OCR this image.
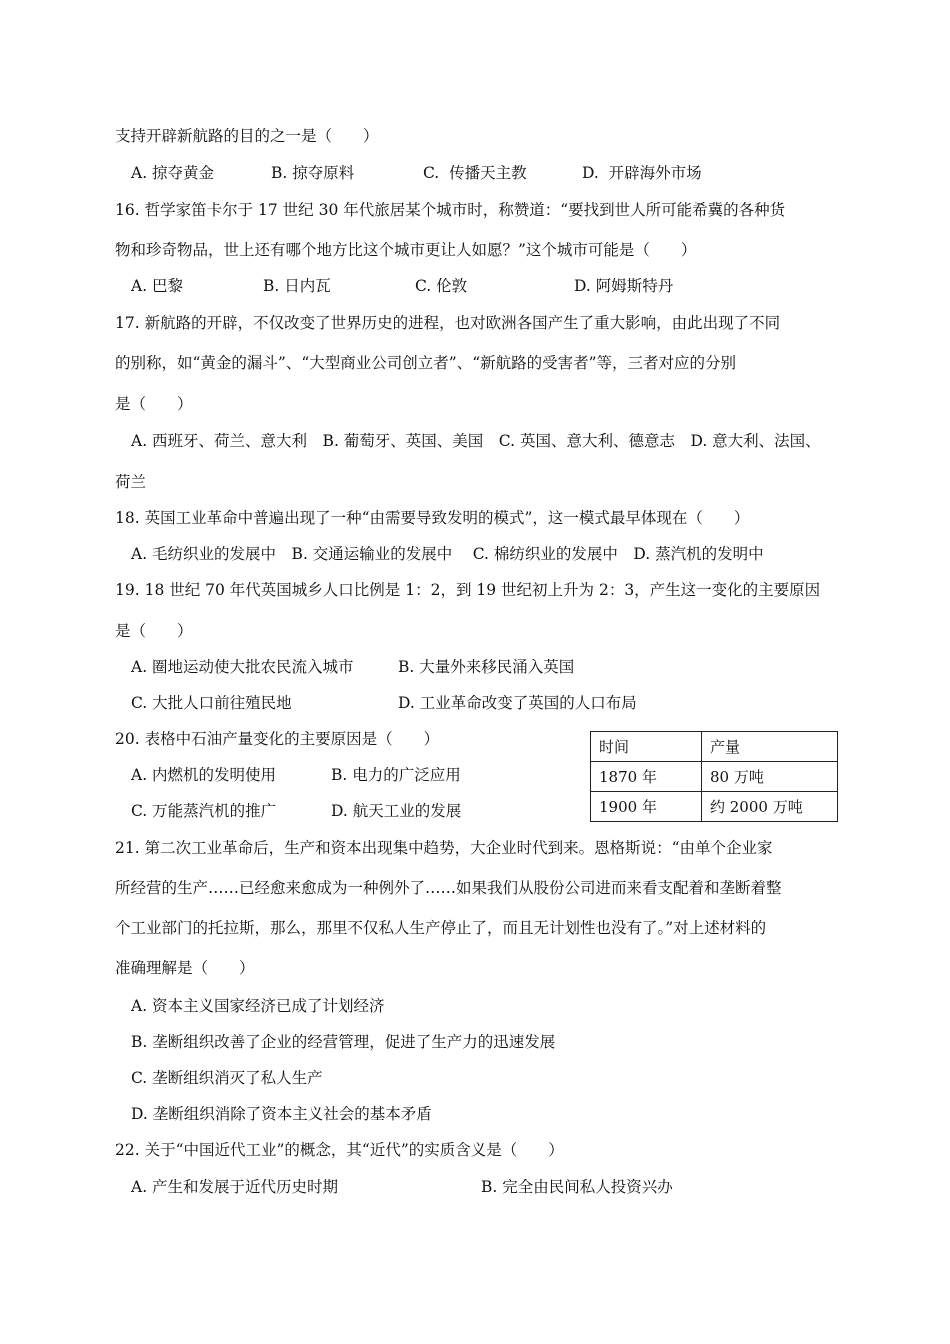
支持开辟新航路的目的之一是（　　）
A. 掠夺黄金	B. 掠夺原料	C.  传播天主教	D.  开辟海外市场
16. 哲学家笛卡尔于 17 世纪 30 年代旅居某个城市时，称赞道：“要找到世人所可能希冀的各种货
物和珍奇物品，世上还有哪个地方比这个城市更让人如愿？”这个城市可能是（　　）
A. 巴黎	B. 日内瓦	C. 伦敦	D. 阿姆斯特丹
17. 新航路的开辟，不仅改变了世界历史的进程，也对欧洲各国产生了重大影响，由此出现了不同
的别称，如“黄金的漏斗”、“大型商业公司创立者”、“新航路的受害者”等，三者对应的分别
是（　　）
A. 西班牙、荷兰、意大利　B. 葡萄牙、英国、美国　C. 英国、意大利、德意志　D. 意大利、法国、
荷兰
18. 英国工业革命中普遍出现了一种“由需要导致发明的模式”，这一模式最早体现在（　　）
A. 毛纺织业的发展中　B. 交通运输业的发展中　 C. 棉纺织业的发展中　D. 蒸汽机的发明中
19. 18 世纪 70 年代英国城乡人口比例是 1：2，到 19 世纪初上升为 2：3，产生这一变化的主要原因
是（　　）
A. 圈地运动使大批农民流入城市	B. 大量外来移民涌入英国
C. 大批人口前往殖民地	D. 工业革命改变了英国的人口布局
20. 表格中石油产量变化的主要原因是（　　）
A. 内燃机的发明使用	B. 电力的广泛应用
C. 万能蒸汽机的推广	D. 航天工业的发展
时间	产量
1870 年	80 万吨
1900 年	约 2000 万吨
21. 第二次工业革命后，生产和资本出现集中趋势，大企业时代到来。恩格斯说：“由单个企业家
所经营的生产……已经愈来愈成为一种例外了……如果我们从股份公司进而来看支配着和垄断着整
个工业部门的托拉斯，那么，那里不仅私人生产停止了，而且无计划性也没有了。”对上述材料的
准确理解是（　　）
A. 资本主义国家经济已成了计划经济
B. 垄断组织改善了企业的经营管理，促进了生产力的迅速发展
C. 垄断组织消灭了私人生产
D. 垄断组织消除了资本主义社会的基本矛盾
22. 关于“中国近代工业”的概念，其“近代”的实质含义是（　　）
A. 产生和发展于近代历史时期	B. 完全由民间私人投资兴办
